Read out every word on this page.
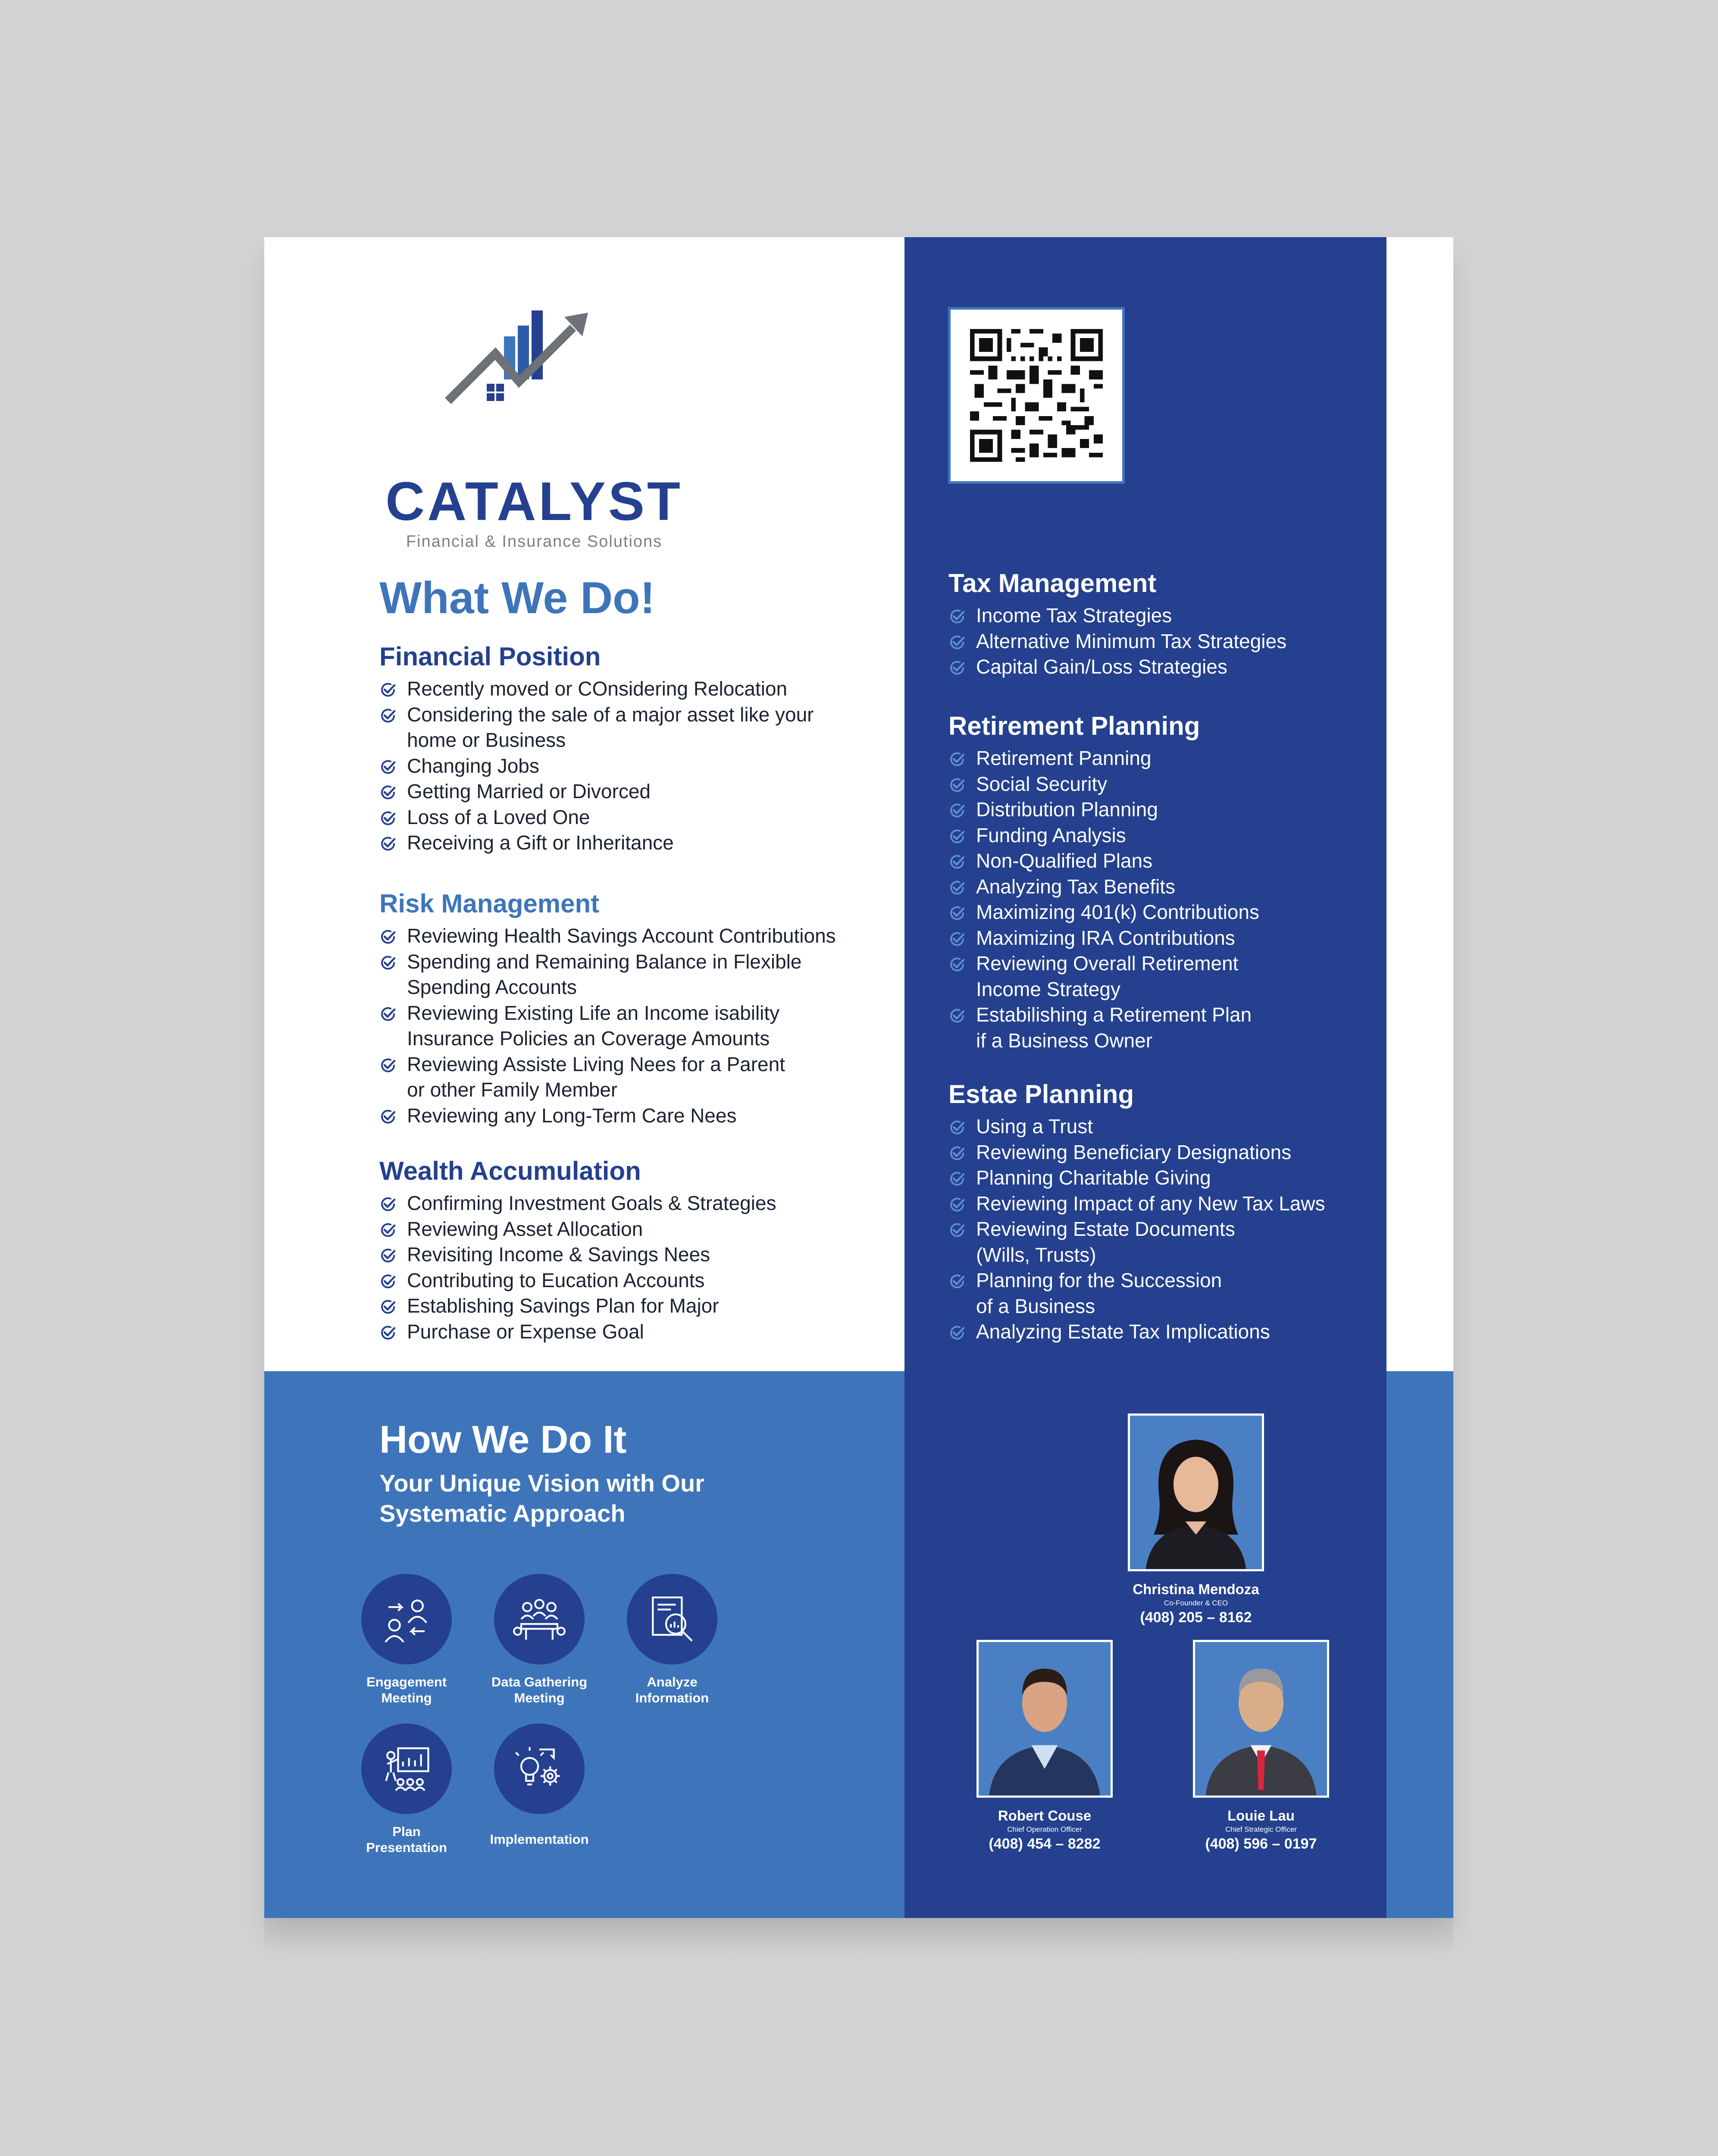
CATALYST
Financial & Insurance Solutions
What We Do!
Financial Position
Recently moved or COnsidering Relocation
Considering the sale of a major asset like your
home or Business
Changing Jobs
Getting Married or Divorced
Loss of a Loved One
Receiving a Gift or Inheritance
Risk Management
Reviewing Health Savings Account Contributions
Spending and Remaining Balance in Flexible
Spending Accounts
Reviewing Existing Life an Income isability
Insurance Policies an Coverage Amounts
Reviewing Assiste Living Nees for a Parent
or other Family Member
Reviewing any Long-Term Care Nees
Wealth Accumulation
Confirming Investment Goals & Strategies
Reviewing Asset Allocation
Revisiting Income & Savings Nees
Contributing to Eucation Accounts
Establishing Savings Plan for Major
Purchase or Expense Goal
Tax Management
Income Tax Strategies
Alternative Minimum Tax Strategies
Capital Gain/Loss Strategies
Retirement Planning
Retirement Panning
Social Security
Distribution Planning
Funding Analysis
Non-Qualified Plans
Analyzing Tax Benefits
Maximizing 401(k) Contributions
Maximizing IRA Contributions
Reviewing Overall Retirement
Income Strategy
Estabilishing a Retirement Plan
if a Business Owner
Estae Planning
Using a Trust
Reviewing Beneficiary Designations
Planning Charitable Giving
Reviewing Impact of any New Tax Laws
Reviewing Estate Documents
(Wills, Trusts)
Planning for the Succession
of a Business
Analyzing Estate Tax Implications
How We Do It
Your Unique Vision with Our
Systematic Approach
Engagement
Meeting
Data Gathering
Meeting
Analyze
Information
Plan
Presentation
Implementation
Christina Mendoza
Co-Founder & CEO
(408) 205 – 8162
Robert Couse
Chief Operation Officer
(408) 454 – 8282
Louie Lau
Chief Strategic Officer
(408) 596 – 0197
